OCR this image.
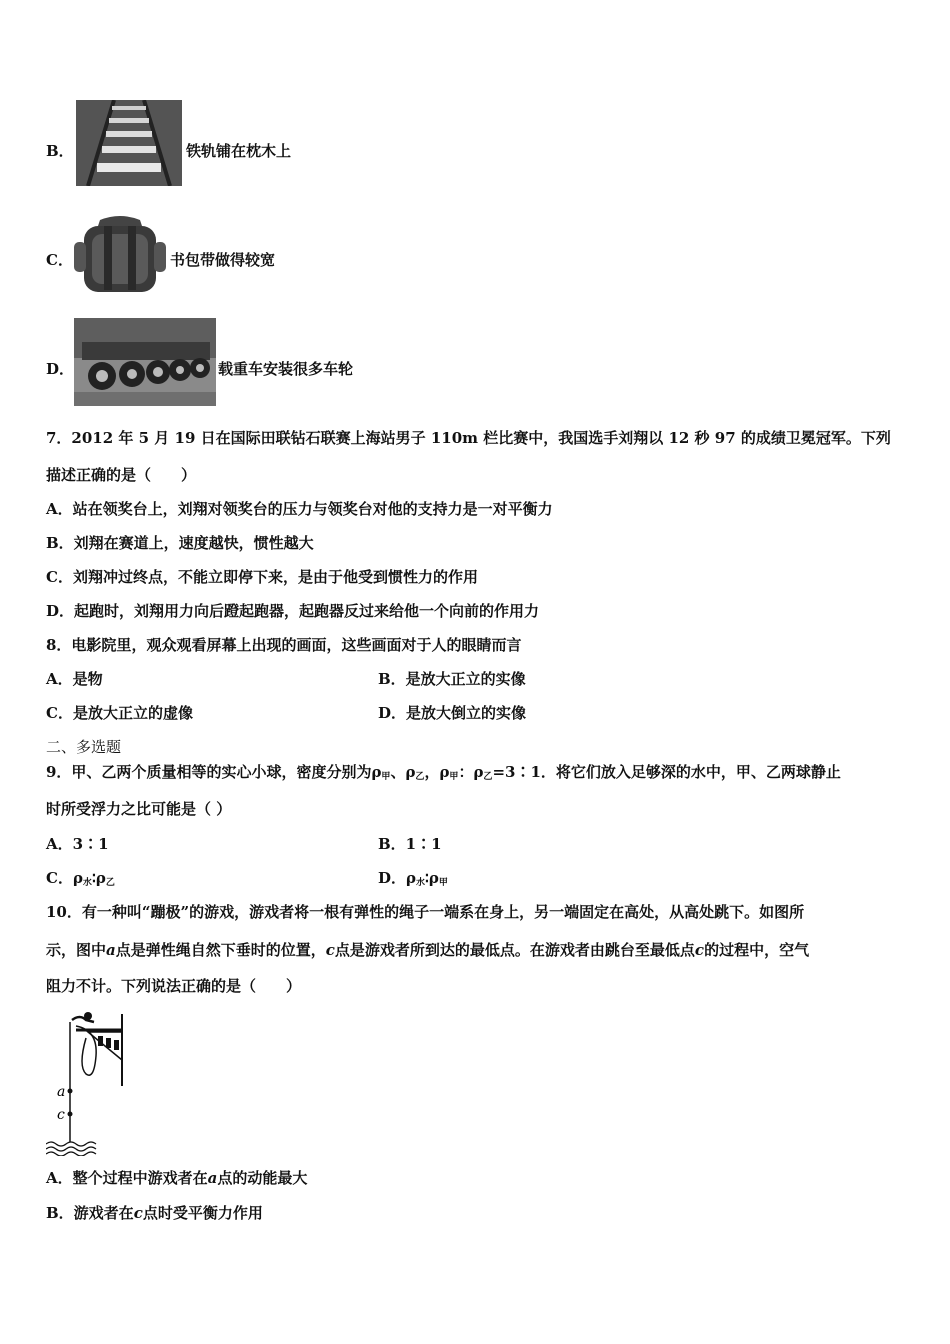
B．	铁轨铺在枕木上
C．	书包带做得较宽
D．	载重车安装很多车轮
7．2012 年 5 月 19 日在国际田联钻石联赛上海站男子 110m 栏比赛中，我国选手刘翔以 12 秒 97 的成绩卫冕冠军。下列
描述正确的是（　　）
A．站在领奖台上，刘翔对领奖台的压力与领奖台对他的支持力是一对平衡力
B．刘翔在赛道上，速度越快，惯性越大
C．刘翔冲过终点，不能立即停下来，是由于他受到惯性力的作用
D．起跑时，刘翔用力向后蹬起跑器，起跑器反过来给他一个向前的作用力
8．电影院里，观众观看屏幕上出现的画面，这些画面对于人的眼睛而言
A．是物	B．是放大正立的实像
C．是放大正立的虚像	D．是放大倒立的实像
二、多选题
9．甲、乙两个质量相等的实心小球，密度分别为$\rho_甲$、$\rho_乙$，$\rho_甲$：$\rho_乙=3∶1$．将它们放入足够深的水中，甲、乙两球静止
时所受浮力之比可能是（ ）
A．3∶1	B．1∶1
C．$\rho_水∶\rho_乙$	D．$\rho_水∶\rho_甲$
10．有一种叫“蹦极”的游戏，游戏者将一根有弹性的绳子一端系在身上，另一端固定在高处，从高处跳下。如图所
示，图中a点是弹性绳自然下垂时的位置，c点是游戏者所到达的最低点。在游戏者由跳台至最低点c的过程中，空气
阻力不计。下列说法正确的是（　　）
a
c
A．整个过程中游戏者在a点的动能最大
B．游戏者在c点时受平衡力作用
